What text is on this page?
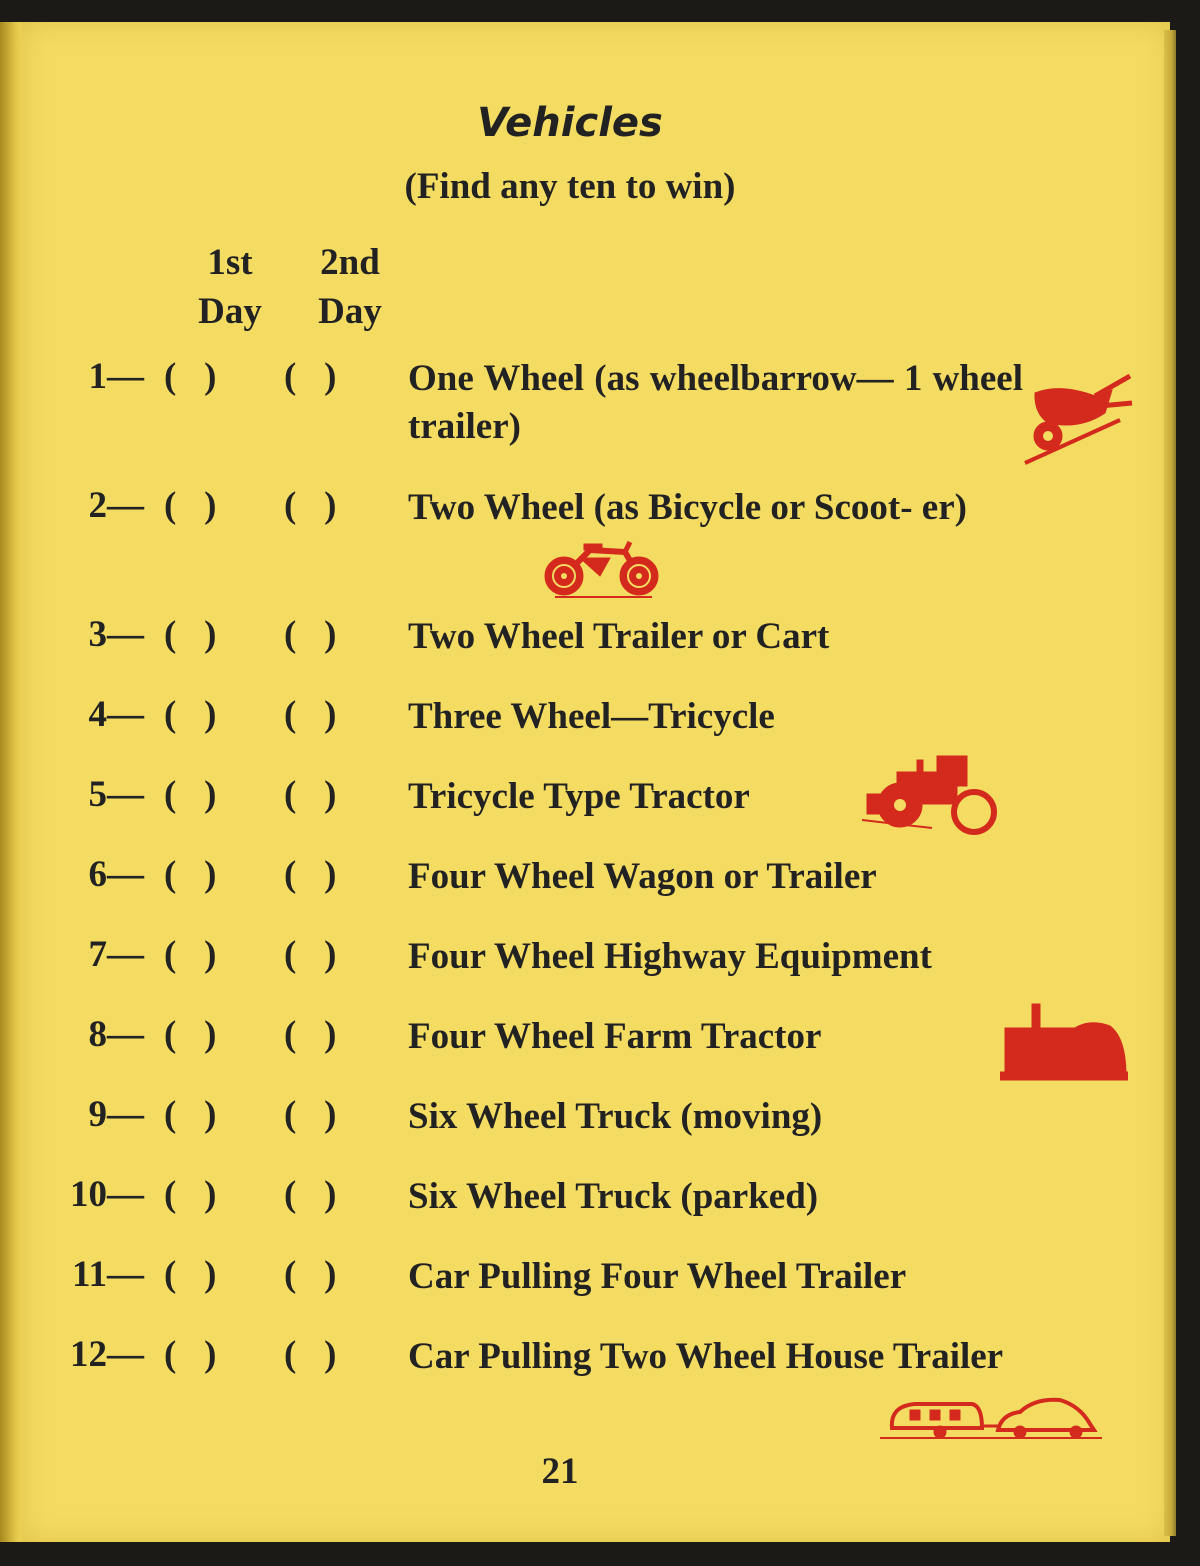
Vehicles
(Find any ten to win)
1st
Day
2nd
Day
1— (   )	(   )	One Wheel (as wheelbarrow— 1 wheel trailer)
2— (   )	(   )	Two Wheel (as Bicycle or Scoot- er)
3— (   )	(   )	Two Wheel Trailer or Cart
4— (   )	(   )	Three Wheel—Tricycle
5— (   )	(   )	Tricycle Type Tractor
6— (   )	(   )	Four Wheel Wagon or Trailer
7— (   )	(   )	Four Wheel Highway Equipment
8— (   )	(   )	Four Wheel Farm Tractor
9— (   )	(   )	Six Wheel Truck (moving)
10— (   )	(   )	Six Wheel Truck (parked)
11— (   )	(   )	Car Pulling Four Wheel Trailer
12— (   )	(   )	Car Pulling Two Wheel House Trailer
21
